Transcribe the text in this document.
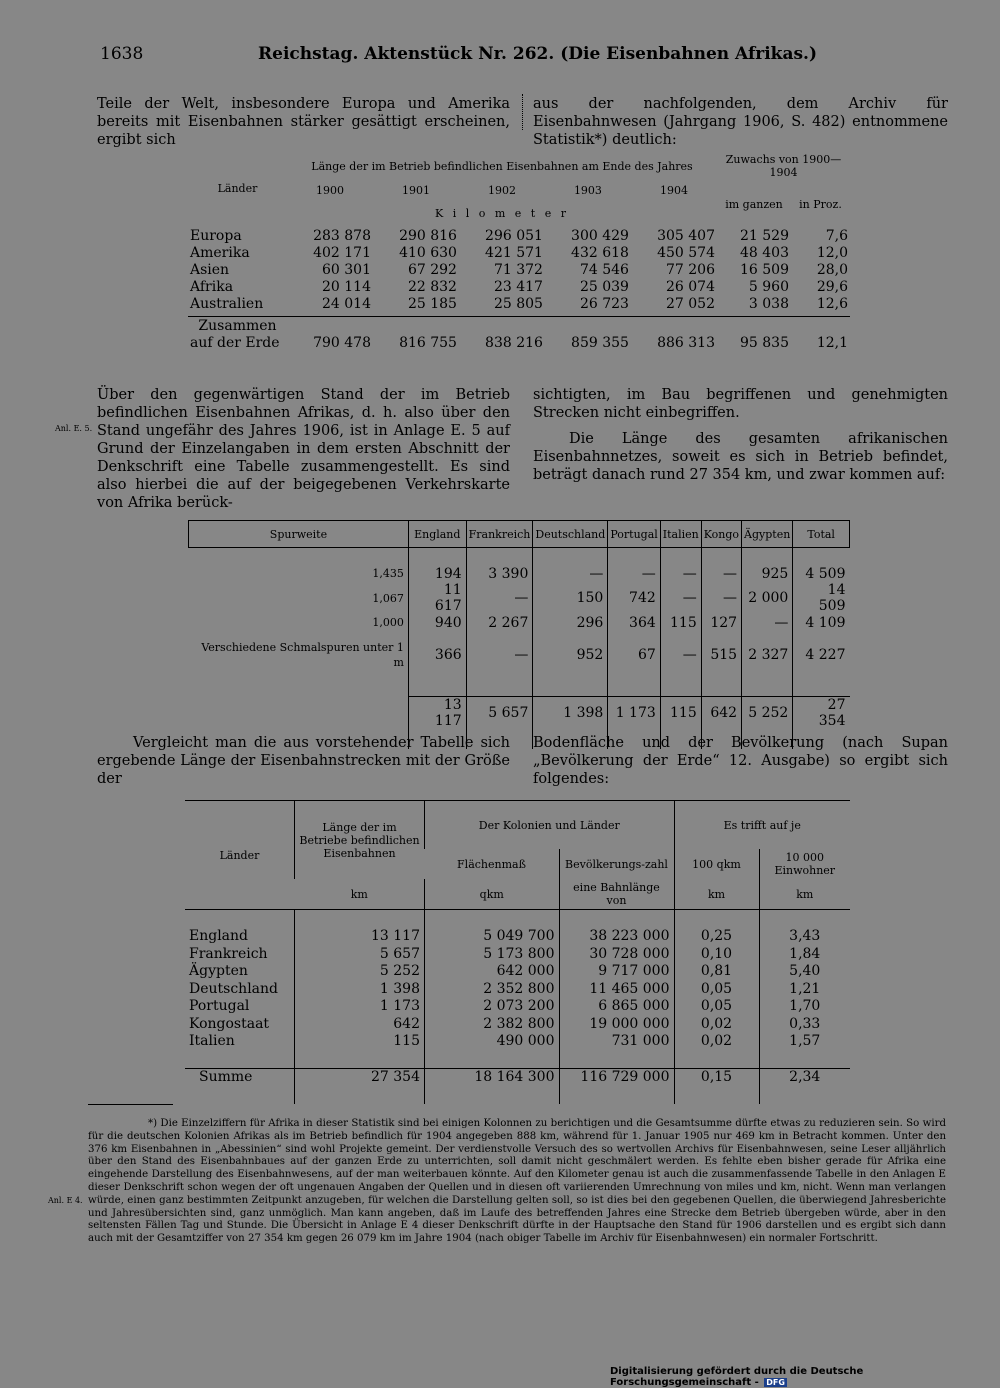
1638	Reichstag. Aktenstück Nr. 262. (Die Eisenbahnen Afrikas.)
Teile der Welt, insbesondere Europa und Amerika bereits mit Eisenbahnen stärker gesättigt erscheinen, ergibt sich
aus der nachfolgenden, dem Archiv für Eisenbahnwesen (Jahrgang 1906, S. 482) entnommene Statistik*) deutlich:
Länder	Länge der im Betrieb befindlichen Eisenbahnen am Ende des Jahres					Zuwachs von 1900—1904	
	1900	1901	1902	1903	1904	im ganzen	in Proz.
	K i l o m e t e r						
Europa	283 878	290 816	296 051	300 429	305 407	21 529	7,6
Amerika	402 171	410 630	421 571	432 618	450 574	48 403	12,0
Asien	60 301	67 292	71 372	74 546	77 206	16 509	28,0
Afrika	20 114	22 832	23 417	25 039	26 074	5 960	29,6
Australien	24 014	25 185	25 805	26 723	27 052	3 038	12,6

Zusammen							
auf der Erde	790 478	816 755	838 216	859 355	886 313	95 835	12,1
Über den gegenwärtigen Stand der im Betrieb befindlichen Eisenbahnen Afrikas, d. h. also über den Stand ungefähr des Jahres 1906, ist in Anlage E. 5 auf Grund der Einzelangaben in dem ersten Abschnitt der Denkschrift eine Tabelle zusammengestellt. Es sind also hierbei die auf der beigegebenen Verkehrskarte von Afrika berück-
Anl. E. 5.
sichtigten, im Bau begriffenen und genehmigten Strecken nicht einbegriffen.
Die Länge des gesamten afrikanischen Eisenbahnnetzes, soweit es sich in Betrieb befindet, beträgt danach rund 27 354 km, und zwar kommen auf:
Spurweite	England	Frankreich	Deutschland	Portugal	Italien	Kongo	Ägypten	Total

1,435	194	3 390	—	—	—	—	925	4 509
1,067	11 617	—	150	742	—	—	2 000	14 509
1,000	940	2 267	296	364	115	127	—	4 109
Verschiedene Schmalspuren unter 1 m	366	—	952	67	—	515	2 327	4 227

	13 117	5 657	1 398	1 173	115	642	5 252	27 354

Vergleicht man die aus vorstehender Tabelle sich ergebende Länge der Eisenbahnstrecken mit der Größe der
Bodenfläche und der Bevölkerung (nach Supan „Bevölkerung der Erde“ 12. Ausgabe) so ergibt sich folgendes:
Länder	Länge der im Betriebe befindlichen Eisenbahnen	Der Kolonien und Länder		Es trifft auf je	
		Flächenmaß	Bevölkerungs-zahl	100 qkm	10 000 Einwohner
	km	qkm	eine Bahnlänge von	km	km

England	13 117	5 049 700	38 223 000	0,25	3,43
Frankreich	5 657	5 173 800	30 728 000	0,10	1,84
Ägypten	5 252	642 000	9 717 000	0,81	5,40
Deutschland	1 398	2 352 800	11 465 000	0,05	1,21
Portugal	1 173	2 073 200	6 865 000	0,05	1,70
Kongostaat	642	2 382 800	19 000 000	0,02	0,33
Italien	115	490 000	731 000	0,02	1,57

Summe	27 354	18 164 300	116 729 000	0,15	2,34

*) Die Einzelziffern für Afrika in dieser Statistik sind bei einigen Kolonnen zu berichtigen und die Gesamtsumme dürfte etwas zu reduzieren sein. So wird für die deutschen Kolonien Afrikas als im Betrieb befindlich für 1904 angegeben 888 km, während für 1. Januar 1905 nur 469 km in Betracht kommen. Unter den 376 km Eisenbahnen in „Abessinien“ sind wohl Projekte gemeint. Der verdienstvolle Versuch des so wertvollen Archivs für Eisenbahnwesen, seine Leser alljährlich über den Stand des Eisenbahnbaues auf der ganzen Erde zu unterrichten, soll damit nicht geschmälert werden. Es fehlte eben bisher gerade für Afrika eine eingehende Darstellung des Eisenbahnwesens, auf der man weiterbauen könnte. Auf den Kilometer genau ist auch die zusammenfassende Tabelle in den Anlagen E dieser Denkschrift schon wegen der oft ungenauen Angaben der Quellen und in diesen oft variierenden Umrechnung von miles und km, nicht. Wenn man verlangen würde, einen ganz bestimmten Zeitpunkt anzugeben, für welchen die Darstellung gelten soll, so ist dies bei den gegebenen Quellen, die überwiegend Jahresberichte und Jahresübersichten sind, ganz unmöglich. Man kann angeben, daß im Laufe des betreffenden Jahres eine Strecke dem Betrieb übergeben würde, aber in den seltensten Fällen Tag und Stunde. Die Übersicht in Anlage E 4 dieser Denkschrift dürfte in der Hauptsache den Stand für 1906 darstellen und es ergibt sich dann auch mit der Gesamtziffer von 27 354 km gegen 26 079 km im Jahre 1904 (nach obiger Tabelle im Archiv für Eisenbahnwesen) ein normaler Fortschritt.
Anl. E 4.
Digitalisierung gefördert durch die Deutsche Forschungsgemeinschaft - DFG
